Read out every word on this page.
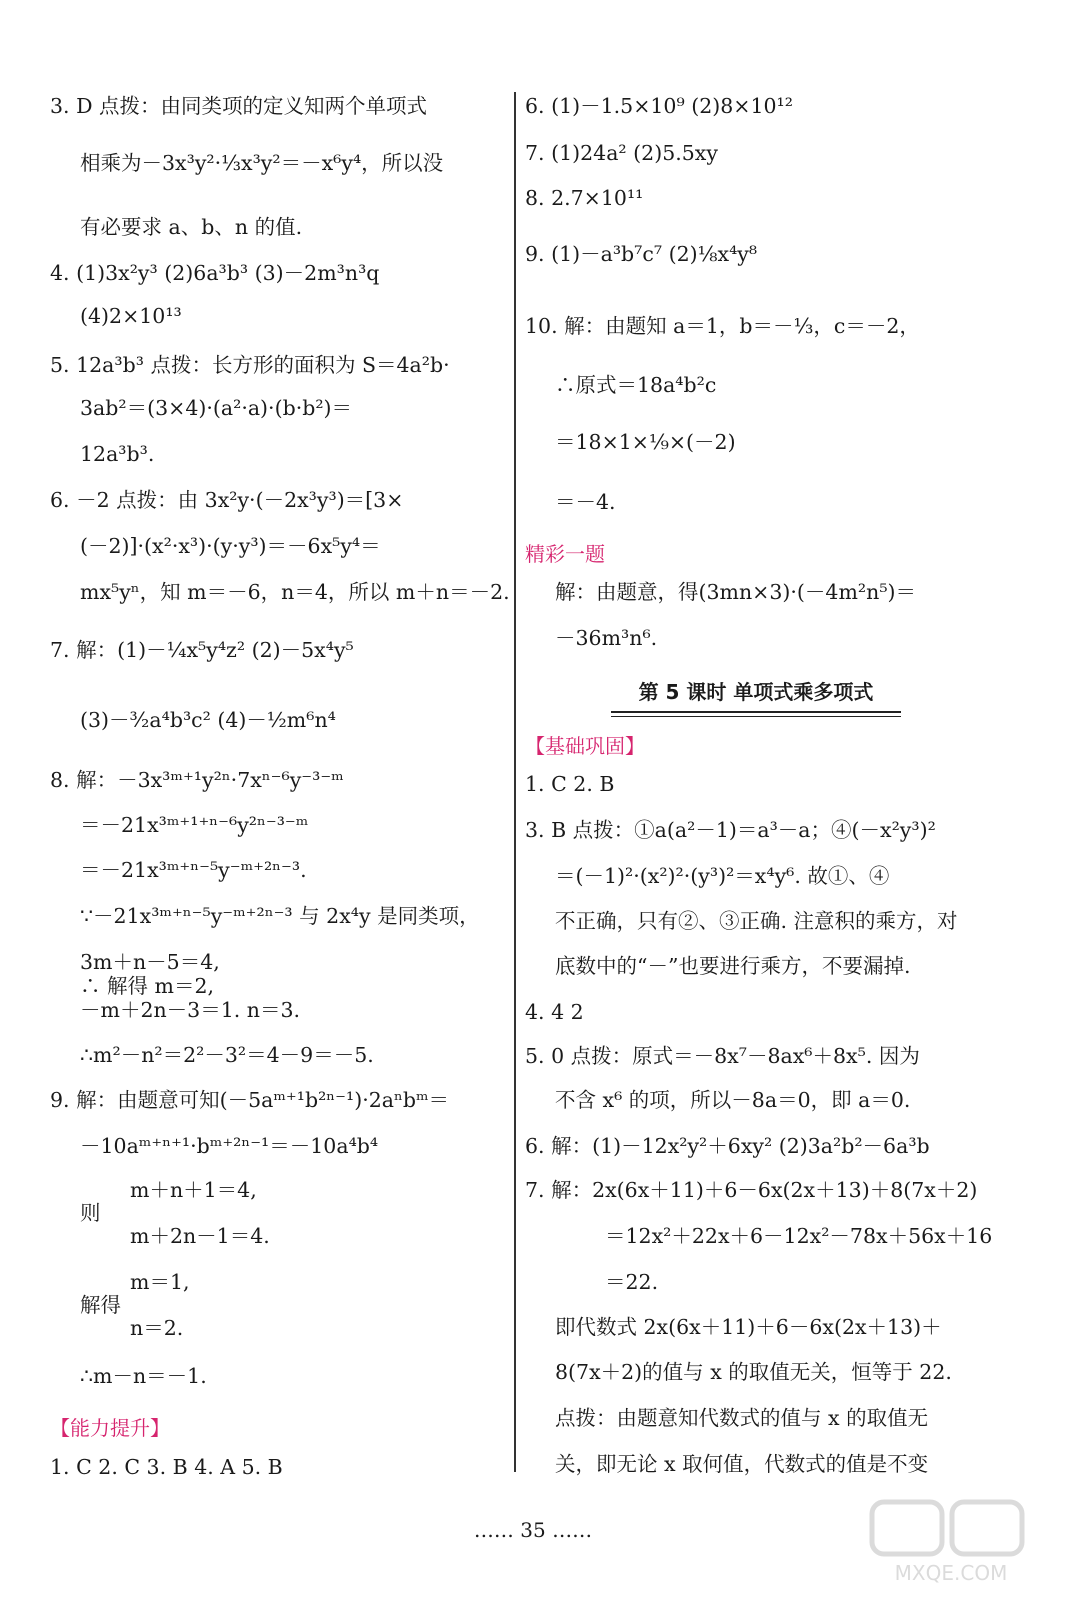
3. D 点拨：由同类项的定义知两个单项式
相乘为－3x³y²·⅓x³y²＝－x⁶y⁴，所以没
有必要求 a、b、n 的值.
4. (1)3x²y³ (2)6a³b³ (3)－2m³n³q
(4)2×10¹³
5. 12a³b³ 点拨：长方形的面积为 S＝4a²b·
3ab²＝(3×4)·(a²·a)·(b·b²)＝
12a³b³.
6. －2 点拨：由 3x²y·(－2x³y³)＝[3×
(－2)]·(x²·x³)·(y·y³)＝－6x⁵y⁴＝
mx⁵yⁿ，知 m＝－6，n＝4，所以 m＋n＝－2.
7. 解：(1)－¼x⁵y⁴z² (2)－5x⁴y⁵
(3)－³⁄₂a⁴b³c² (4)－½m⁶n⁴
8. 解：－3x³ᵐ⁺¹y²ⁿ·7xⁿ⁻⁶y⁻³⁻ᵐ
＝－21x³ᵐ⁺¹⁺ⁿ⁻⁶y²ⁿ⁻³⁻ᵐ
＝－21x³ᵐ⁺ⁿ⁻⁵y⁻ᵐ⁺²ⁿ⁻³.
∵－21x³ᵐ⁺ⁿ⁻⁵y⁻ᵐ⁺²ⁿ⁻³ 与 2x⁴y 是同类项，
3m＋n－5＝4,
∴ 解得 m＝2,
－m＋2n－3＝1. n＝3.
∴m²－n²＝2²－3²＝4－9＝－5.
9. 解：由题意可知(－5aᵐ⁺¹b²ⁿ⁻¹)·2aⁿbᵐ＝
－10aᵐ⁺ⁿ⁺¹·bᵐ⁺²ⁿ⁻¹＝－10a⁴b⁴
m＋n＋1＝4,
则
m＋2n－1＝4.
m＝1,
解得
n＝2.
∴m－n＝－1.
【能力提升】
1. C 2. C 3. B 4. A 5. B
6. (1)－1.5×10⁹ (2)8×10¹²
7. (1)24a² (2)5.5xy
8. 2.7×10¹¹
9. (1)－a³b⁷c⁷ (2)⅛x⁴y⁸
10. 解：由题知 a＝1，b＝－⅓，c＝－2，
∴原式＝18a⁴b²c
＝18×1×⅑×(－2)
＝－4.
精彩一题
解：由题意，得(3mn×3)·(－4m²n⁵)＝
－36m³n⁶.
第 5 课时 单项式乘多项式
【基础巩固】
1. C 2. B
3. B 点拨：①a(a²－1)＝a³－a；④(－x²y³)²
＝(－1)²·(x²)²·(y³)²＝x⁴y⁶. 故①、④
不正确，只有②、③正确. 注意积的乘方，对
底数中的“－”也要进行乘方，不要漏掉.
4. 4 2
5. 0 点拨：原式＝－8x⁷－8ax⁶＋8x⁵. 因为
不含 x⁶ 的项，所以－8a＝0，即 a＝0.
6. 解：(1)－12x²y²＋6xy² (2)3a²b²－6a³b
7. 解：2x(6x＋11)＋6－6x(2x＋13)＋8(7x＋2)
＝12x²＋22x＋6－12x²－78x＋56x＋16
＝22.
即代数式 2x(6x＋11)＋6－6x(2x＋13)＋
8(7x＋2)的值与 x 的取值无关，恒等于 22.
点拨：由题意知代数式的值与 x 的取值无
关，即无论 x 取何值，代数式的值是不变
…… 35 ……
MXQE.COM
